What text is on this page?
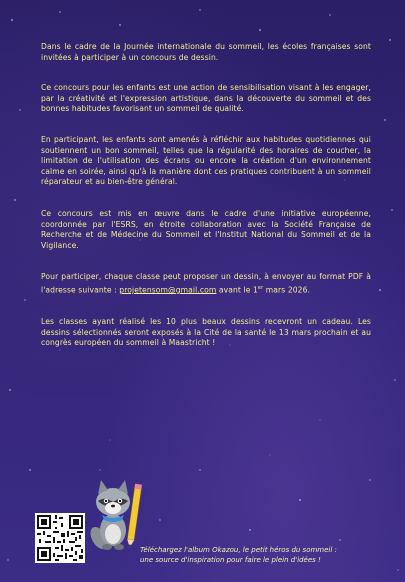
Dans le cadre de la Journée internationale du sommeil, les écoles françaises sont invitées à participer à un concours de dessin.

Ce concours pour les enfants est une action de sensibilisation visant à les engager, par la créativité et l'expression artistique, dans la découverte du sommeil et des bonnes habitudes favorisant un sommeil de qualité.

En participant, les enfants sont amenés à réfléchir aux habitudes quotidiennes qui soutiennent un bon sommeil, telles que la régularité des horaires de coucher, la limitation de l'utilisation des écrans ou encore la création d'un environnement calme en soirée, ainsi qu'à la manière dont ces pratiques contribuent à un sommeil réparateur et au bien-être général.

Ce concours est mis en œuvre dans le cadre d'une initiative européenne, coordonnée par l'ESRS, en étroite collaboration avec la Société Française de Recherche et de Médecine du Sommeil et l'Institut National du Sommeil et de la Vigilance.

Pour participer, chaque classe peut proposer un dessin, à envoyer au format PDF à l'adresse suivante : projetensom@gmail.com avant le 1er mars 2026.

Les classes ayant réalisé les 10 plus beaux dessins recevront un cadeau. Les dessins sélectionnés seront exposés à la Cité de la santé le 13 mars prochain et au congrès européen du sommeil à Maastricht !

Téléchargez l'album Okazou, le petit héros du sommeil :
une source d'inspiration pour faire le plein d'idées !
